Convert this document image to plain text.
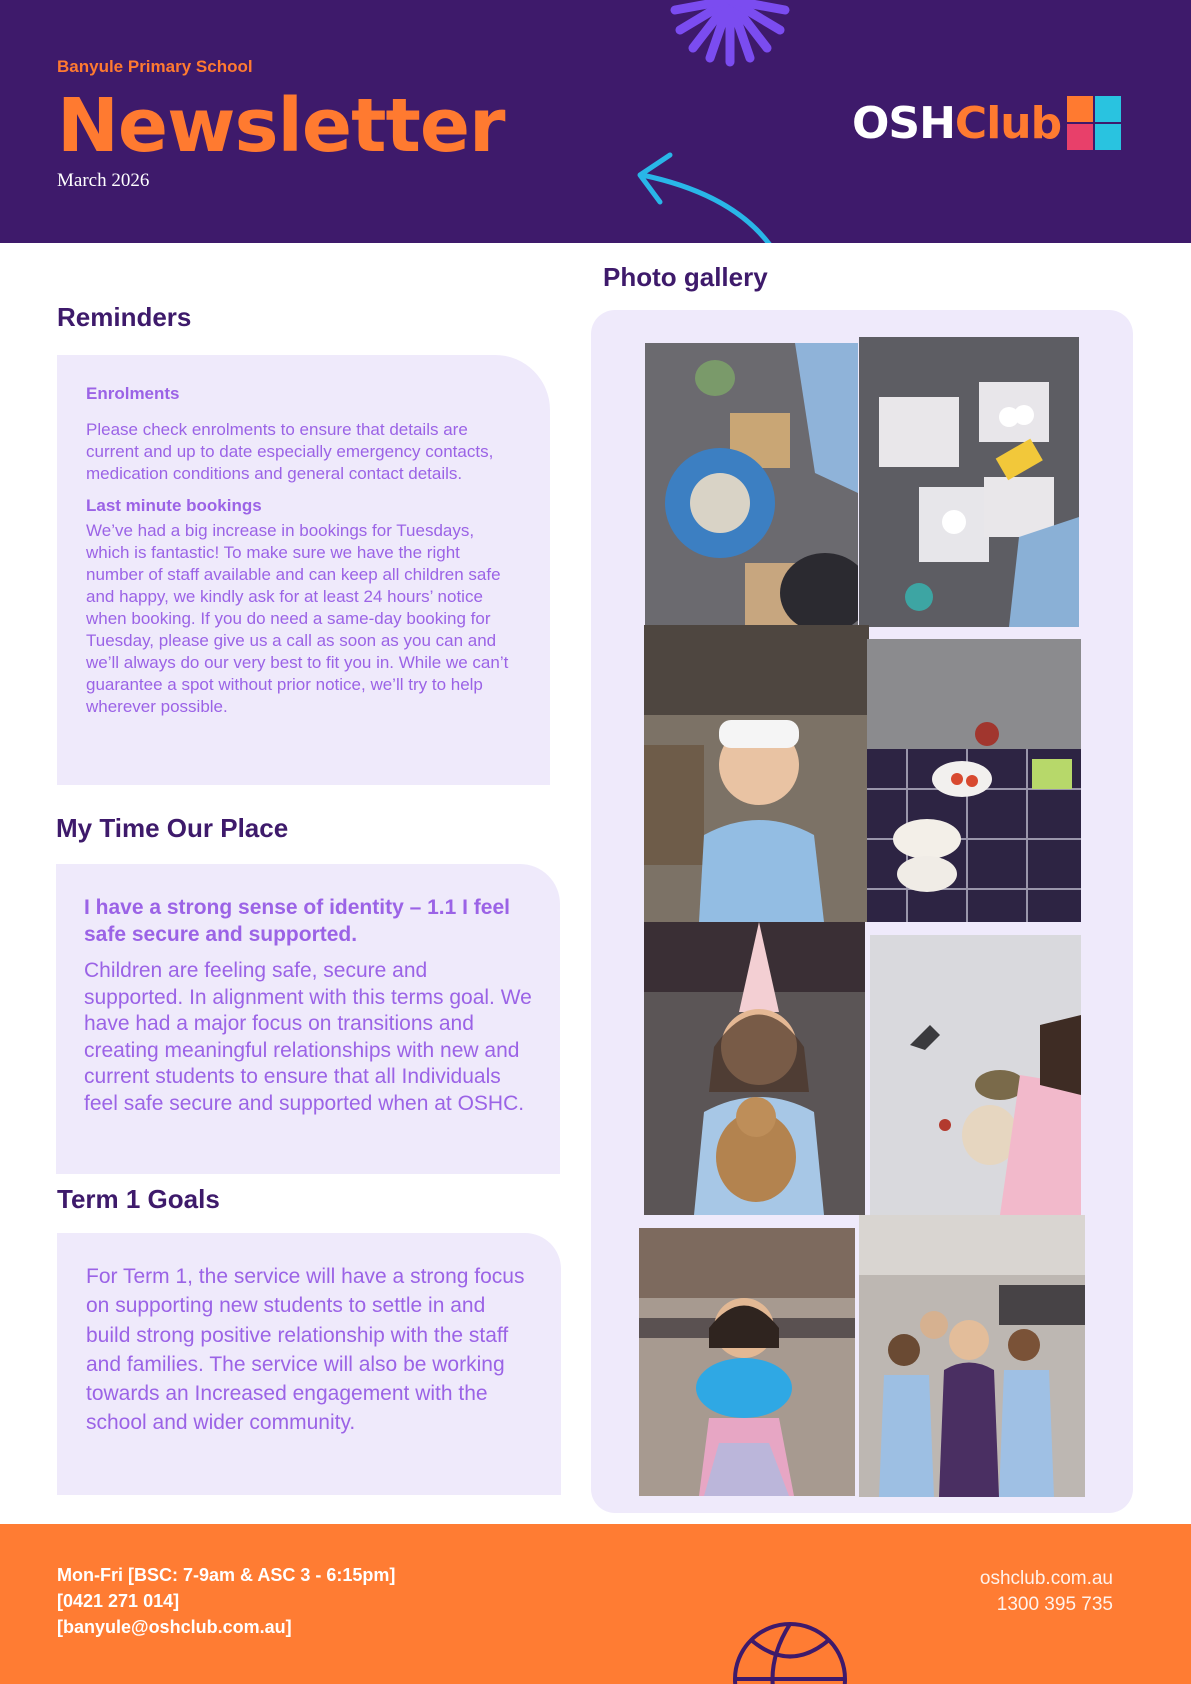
Banyule Primary School
Newsletter
March 2026
OSH Club
Reminders
Enrolments
Please check enrolments to ensure that details are current and up to date especially emergency contacts, medication conditions and general contact details.
Last minute bookings
We’ve had a big increase in bookings for Tuesdays, which is fantastic! To make sure we have the right number of staff available and can keep all children safe and happy, we kindly ask for at least 24 hours’ notice when booking. If you do need a same-day booking for Tuesday, please give us a call as soon as you can and we’ll always do our very best to fit you in. While we can’t guarantee a spot without prior notice, we’ll try to help wherever possible.
My Time Our Place
I have a strong sense of identity – 1.1 I feel safe secure and supported.
Children are feeling safe, secure and supported. In alignment with this terms goal. We have had a major focus on transitions and creating meaningful relationships with new and current students to ensure that all Individuals feel safe secure and supported when at OSHC.
Term 1 Goals
For Term 1, the service will have a strong focus on supporting new students to settle in and build strong positive relationship with the staff and families. The service will also be working towards an Increased engagement with the school and wider community.
Photo gallery
Mon-Fri [BSC: 7-9am & ASC 3 - 6:15pm]
[0421 271 014]
[banyule@oshclub.com.au]
oshclub.com.au
1300 395 735
